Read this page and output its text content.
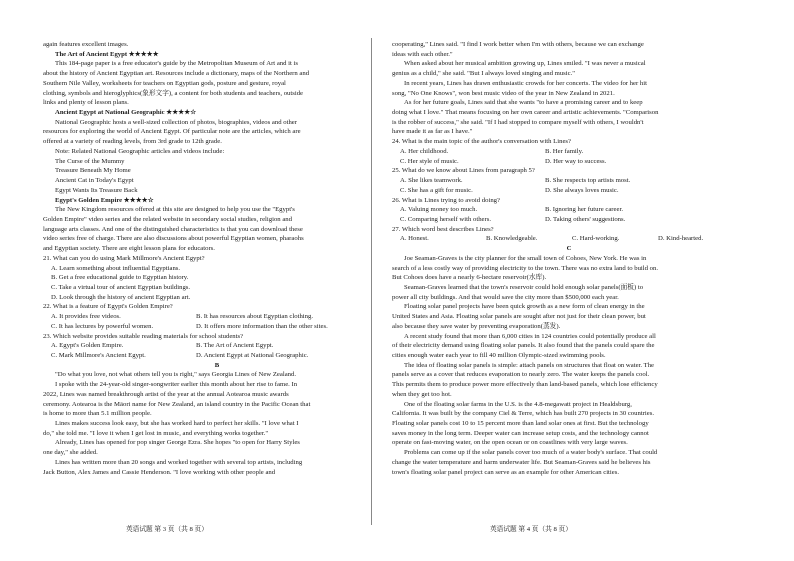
again features excellent images.
The Art of Ancient Egypt ★★★★★
This 184-page paper is a free educator's guide by the Metropolitan Museum of Art and it is
about the history of Ancient Egyptian art. Resources include a dictionary, maps of the Northern and
Southern Nile Valley, worksheets for teachers on Egyptian gods, posture and gesture, royal
clothing, symbols and hieroglyphics(象形文字), a content for both students and teachers, outside
links and plenty of lesson plans.
Ancient Egypt at National Geographic ★★★★☆
National Geographic hosts a well-sized collection of photos, biographies, videos and other
resources for exploring the world of Ancient Egypt. Of particular note are the articles, which are
offered at a variety of reading levels, from 3rd grade to 12th grade.
Note: Related National Geographic articles and videos include:
The Curse of the Mummy
Treasure Beneath My Home
Ancient Cat in Today's Egypt
Egypt Wants Its Treasure Back
Egypt's Golden Empire ★★★★☆
The New Kingdom resources offered at this site are designed to help you use the "Egypt's
Golden Empire" video series and the related website in secondary social studies, religion and
language arts classes. And one of the distinguished characteristics is that you can download these
video series free of charge. There are also discussions about powerful Egyptian women, pharaohs
and Egyptian society. There are eight lesson plans for educators.
21. What can you do using Mark Millmore's Ancient Egypt?
A. Learn something about influential Egyptians.
B. Get a free educational guide to Egyptian history.
C. Take a virtual tour of ancient Egyptian buildings.
D. Look through the history of ancient Egyptian art.
22. What is a feature of Egypt's Golden Empire?
A. It provides free videos.	B. It has resources about Egyptian clothing.
C. It has lectures by powerful women.	D. It offers more information than the other sites.
23. Which website provides suitable reading materials for school students?
A. Egypt's Golden Empire.	B. The Art of Ancient Egypt.
C. Mark Millmore's Ancient Egypt.	D. Ancient Egypt at National Geographic.
B
"Do what you love, not what others tell you is right," says Georgia Lines of New Zealand.
I spoke with the 24-year-old singer-songwriter earlier this month about her rise to fame. In
2022, Lines was named breakthrough artist of the year at the annual Aotearoa music awards
ceremony. Aotearoa is the Māori name for New Zealand, an island country in the Pacific Ocean that
is home to more than 5.1 million people.
Lines makes success look easy, but she has worked hard to perfect her skills. "I love what I
do," she told me. "I love it when I get lost in music, and everything works together."
Already, Lines has opened for pop singer George Ezra. She hopes "to open for Harry Styles
one day," she added.
Lines has written more than 20 songs and worked together with several top artists, including
Jack Button, Alex James and Cassie Henderson. "I love working with other people and
cooperating," Lines said. "I find I work better when I'm with others, because we can exchange
ideas with each other."
When asked about her musical ambition growing up, Lines smiled. "I was never a musical
genius as a child," she said. "But I always loved singing and music."
In recent years, Lines has drawn enthusiastic crowds for her concerts. The video for her hit
song, "No One Knows", won best music video of the year in New Zealand in 2021.
As for her future goals, Lines said that she wants "to have a promising career and to keep
doing what I love." That means focusing on her own career and artistic achievements. "Comparison
is the robber of success," she said. "If I had stopped to compare myself with others, I wouldn't
have made it as far as I have."
24. What is the main topic of the author's conversation with Lines?
A. Her childhood.	B. Her family.
C. Her style of music.	D. Her way to success.
25. What do we know about Lines from paragraph 5?
A. She likes teamwork.	B. She respects top artists most.
C. She has a gift for music.	D. She always loves music.
26. What is Lines trying to avoid doing?
A. Valuing money too much.	B. Ignoring her future career.
C. Comparing herself with others.	D. Taking others' suggestions.
27. Which word best describes Lines?
A. Honest.	B. Knowledgeable.	C. Hard-working.	D. Kind-hearted.
C
Joe Seaman-Graves is the city planner for the small town of Cohoes, New York. He was in
search of a less costly way of providing electricity to the town. There was no extra land to build on.
But Cohoes does have a nearly 6-hectare reservoir(水库).
Seaman-Graves learned that the town's reservoir could hold enough solar panels(面板) to
power all city buildings. And that would save the city more than $500,000 each year.
Floating solar panel projects have been quick growth as a new form of clean energy in the
United States and Asia. Floating solar panels are sought after not just for their clean power, but
also because they save water by preventing evaporation(蒸发).
A recent study found that more than 6,000 cities in 124 countries could potentially produce all
of their electricity demand using floating solar panels. It also found that the panels could spare the
cities enough water each year to fill 40 million Olympic-sized swimming pools.
The idea of floating solar panels is simple: attach panels on structures that float on water. The
panels serve as a cover that reduces evaporation to nearly zero. The water keeps the panels cool.
This permits them to produce power more effectively than land-based panels, which lose efficiency
when they get too hot.
One of the floating solar farms in the U.S. is the 4.8-megawatt project in Healdsburg,
California. It was built by the company Ciel & Terre, which has built 270 projects in 30 countries.
Floating solar panels cost 10 to 15 percent more than land solar ones at first. But the technology
saves money in the long term. Deeper water can increase setup costs, and the technology cannot
operate on fast-moving water, on the open ocean or on coastlines with very large waves.
Problems can come up if the solar panels cover too much of a water body's surface. That could
change the water temperature and harm underwater life. But Seaman-Graves said he believes his
town's floating solar panel project can serve as an example for other American cities.
英语试题 第 3 页（共 8 页）	英语试题 第 4 页（共 8 页）
